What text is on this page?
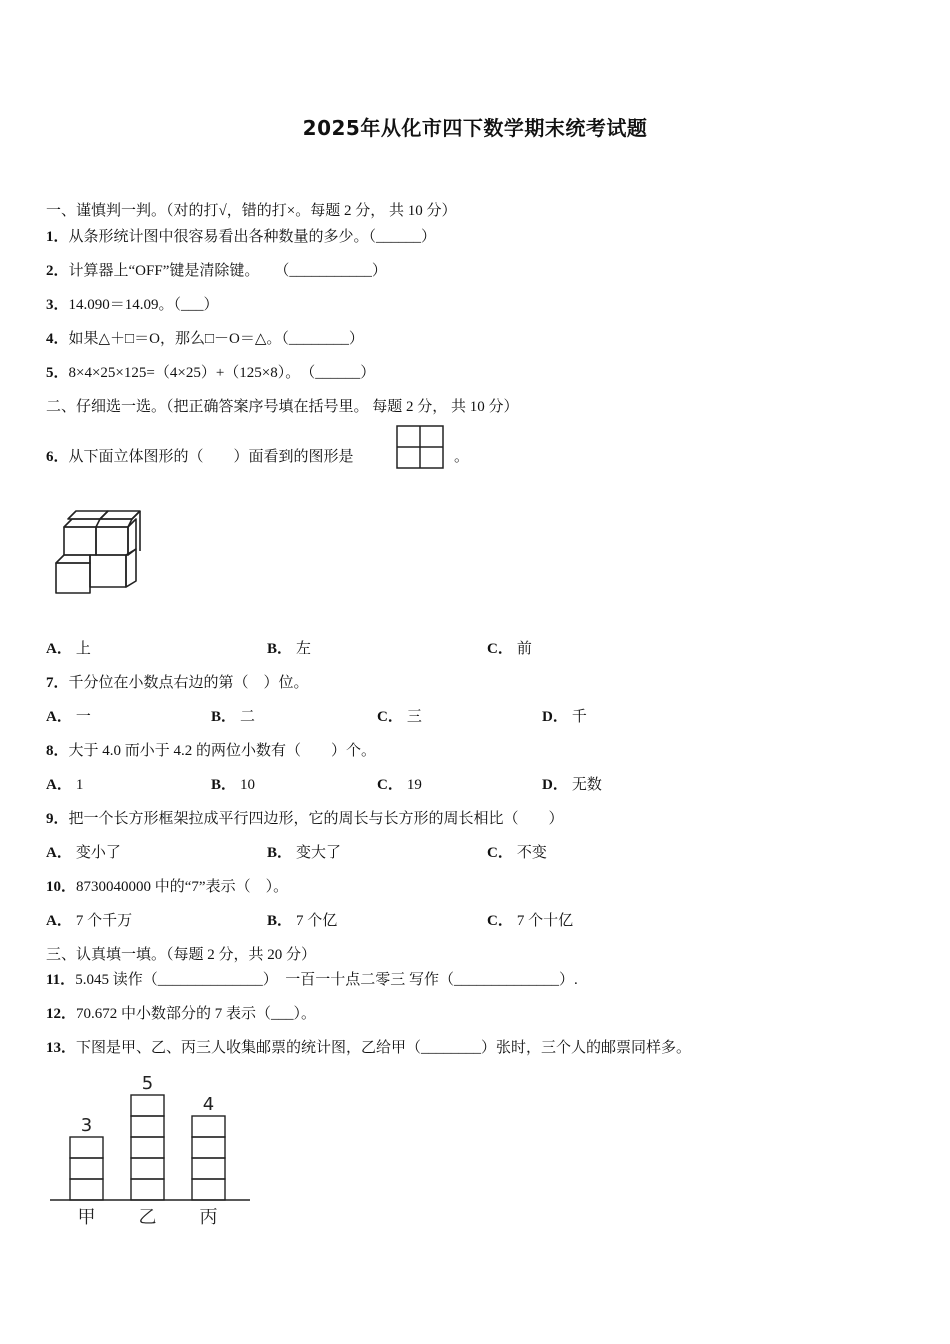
2025年从化市四下数学期末统考试题
一、谨慎判一判。（对的打√，错的打×。每题 2 分， 共 10 分）
1．从条形统计图中很容易看出各种数量的多少。（______）
2．计算器上“OFF”键是清除键。　　（___________）
3．14.090＝14.09。（___）
4．如果△＋□＝O，那么□－O＝△。（________）
5．8×4×25×125=（4×25）+（125×8）。　（______）
二、仔细选一选。（把正确答案序号填在括号里。 每题 2 分， 共 10 分）
6．从下面立体图形的（　　）面看到的图形是	。
A． 上	B． 左	C． 前
7．千分位在小数点右边的第（　）位。
A． 一	B． 二	C． 三	D． 千
8．大于 4.0 而小于 4.2 的两位小数有（　　）个。
A． 1	B． 10	C． 19	D． 无数
9．把一个长方形框架拉成平行四边形，它的周长与长方形的周长相比（　　）
A． 变小了	B． 变大了	C． 不变
10．8730040000 中的“7”表示（　）。
A． 7 个千万	B． 7 个亿	C． 7 个十亿
三、认真填一填。（每题 2 分，共 20 分）
11．5.045 读作（______________）　一百一十点二零三 写作（______________）.
12．70.672 中小数部分的 7 表示（___）。
13．下图是甲、乙、丙三人收集邮票的统计图，乙给甲（________）张时，三个人的邮票同样多。
3
甲
5
乙
4
丙
